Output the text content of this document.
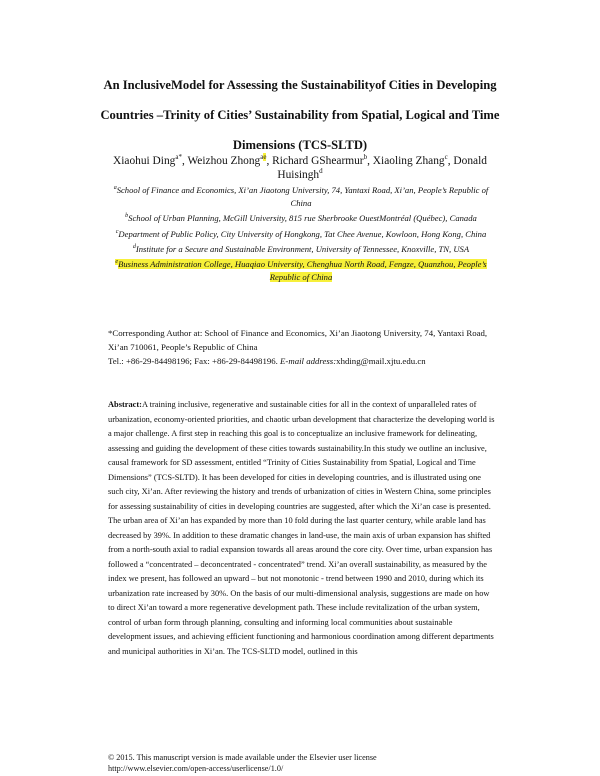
An InclusiveModel for Assessing the Sustainabilityof Cities in Developing Countries –Trinity of Cities’ Sustainability from Spatial, Logical and Time Dimensions (TCS-SLTD)
Xiaohui Ding$^{a*}$, Weizhou Zhong$^{ae}$, Richard GShearmur$^b$, Xiaoling Zhang$^c$, Donald Huisingh$^d$
$^a$School of Finance and Economics, Xi’an Jiaotong University, 74, Yantaxi Road, Xi’an, People’s Republic of China
$^b$School of Urban Planning, McGill University, 815 rue Sherbrooke OuestMontréal (Québec), Canada
$^c$Department of Public Policy, City University of Hongkong, Tat Chee Avenue, Kowloon, Hong Kong, China
$^d$Institute for a Secure and Sustainable Environment, University of Tennessee, Knoxville, TN, USA
$^e$Business Administration College, Huaqiao University, Chenghua North Road, Fengze, Quanzhou, People’s Republic of China
*Corresponding Author at: School of Finance and Economics, Xi’an Jiaotong University, 74, Yantaxi Road, Xi’an 710061, People’s Republic of China
Tel.: +86-29-84498196; Fax: +86-29-84498196. E-mail address:xhding@mail.xjtu.edu.cn
Abstract:A training inclusive, regenerative and sustainable cities for all in the context of unparalleled rates of urbanization, economy-oriented priorities, and chaotic urban development that characterize the developing world is a major challenge. A first step in reaching this goal is to conceptualize an inclusive framework for delineating, assessing and guiding the development of these cities towards sustainability.In this study we outline an inclusive, causal framework for SD assessment, entitled “Trinity of Cities Sustainability from Spatial, Logical and Time Dimensions” (TCS-SLTD). It has been developed for cities in developing countries, and is illustrated using one such city, Xi’an. After reviewing the history and trends of urbanization of cities in Western China, some principles for assessing sustainability of cities in developing countries are suggested, after which the Xi’an case is presented. The urban area of Xi’an has expanded by more than 10 fold during the last quarter century, while arable land has decreased by 39%. In addition to these dramatic changes in land-use, the main axis of urban expansion has shifted from a north-south axial to radial expansion towards all areas around the core city. Over time, urban expansion has followed a “concentrated – deconcentrated - concentrated” trend. Xi’an overall sustainability, as measured by the index we present, has followed an upward – but not monotonic - trend between 1990 and 2010, during which its urbanization rate increased by 30%. On the basis of our multi-dimensional analysis, suggestions are made on how to direct Xi’an toward a more regenerative development path. These include revitalization of the urban system, control of urban form through planning, consulting and informing local communities about sustainable development issues, and achieving efficient functioning and harmonious coordination among different departments and municipal authorities in Xi’an. The TCS-SLTD model, outlined in this
© 2015. This manuscript version is made available under the Elsevier user license
http://www.elsevier.com/open-access/userlicense/1.0/
